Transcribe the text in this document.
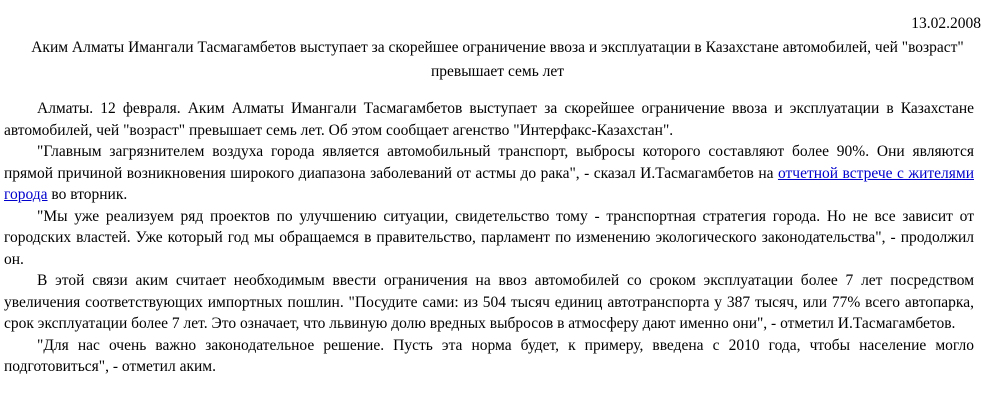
13.02.2008
Аким Алматы Имангали Тасмагамбетов выступает за скорейшее ограничение ввоза и эксплуатации в Казахстане автомобилей, чей "возраст" превышает семь лет

Алматы. 12 февраля. Аким Алматы Имангали Тасмагамбетов выступает за скорейшее ограничение ввоза и эксплуатации в Казахстане автомобилей, чей "возраст" превышает семь лет. Об этом сообщает агенство "Интерфакс-Казахстан".

"Главным загрязнителем воздуха города является автомобильный транспорт, выбросы которого составляют более 90%. Они являются прямой причиной возникновения широкого диапазона заболеваний от астмы до рака", - сказал И.Тасмагамбетов на отчетной встрече с жителями города во вторник.

"Мы уже реализуем ряд проектов по улучшению ситуации, свидетельство тому - транспортная стратегия города. Но не все зависит от городских властей. Уже который год мы обращаемся в правительство, парламент по изменению экологического законодательства", - продолжил он.

В этой связи аким считает необходимым ввести ограничения на ввоз автомобилей со сроком эксплуатации более 7 лет посредством увеличения соответствующих импортных пошлин. "Посудите сами: из 504 тысяч единиц автотранспорта у 387 тысяч, или 77% всего автопарка, срок эксплуатации более 7 лет. Это означает, что львиную долю вредных выбросов в атмосферу дают именно они", - отметил И.Тасмагамбетов.

"Для нас очень важно законодательное решение. Пусть эта норма будет, к примеру, введена с 2010 года, чтобы население могло подготовиться", - отметил аким.
